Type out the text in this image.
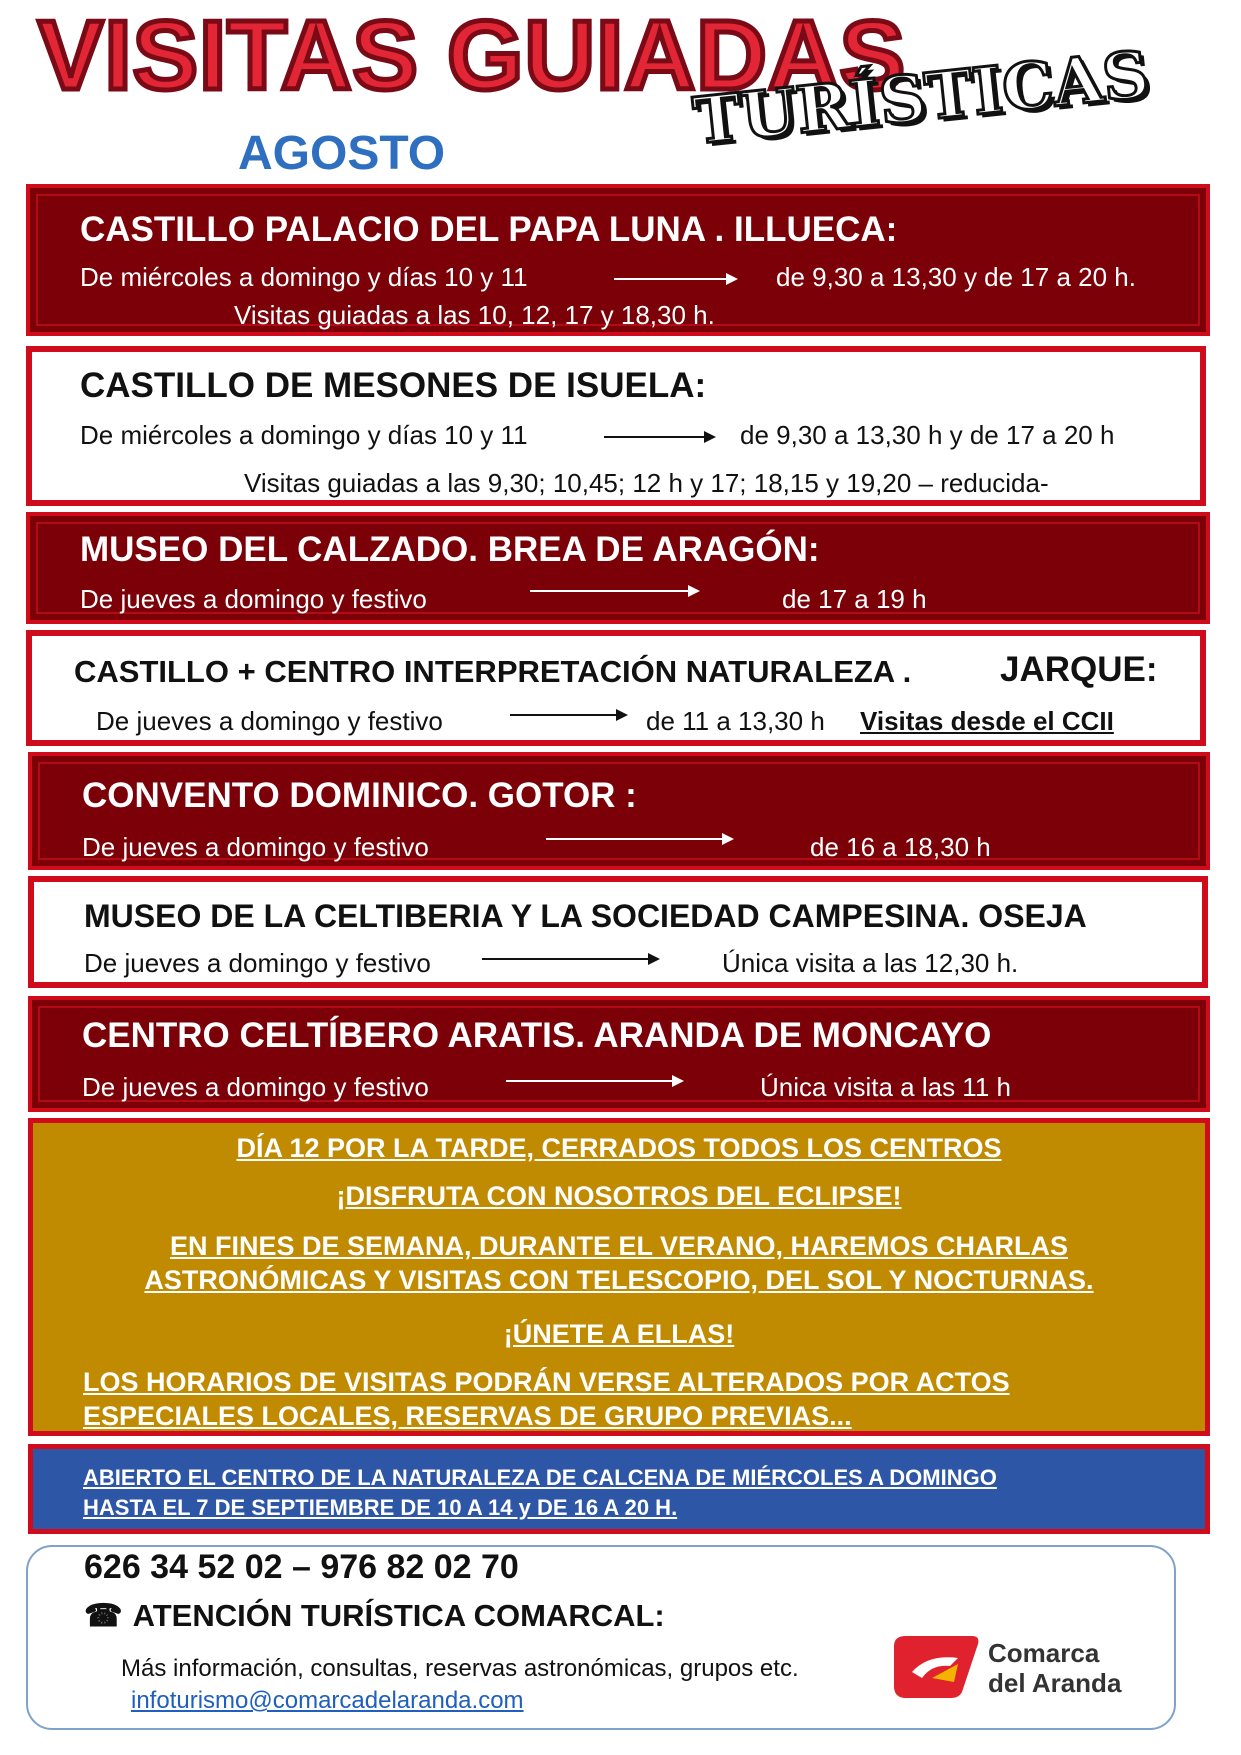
VISITAS GUIADAS
TURÍSTICAS
AGOSTO
CASTILLO PALACIO DEL PAPA LUNA . ILLUECA:
De miércoles a domingo y días 10 y 11	de 9,30 a 13,30 y de 17 a 20 h.
Visitas guiadas a las 10, 12, 17 y 18,30 h.
CASTILLO DE MESONES DE ISUELA:
De miércoles a domingo y días 10 y 11	de 9,30 a 13,30 h y de 17 a 20 h
Visitas guiadas a las 9,30; 10,45; 12 h y 17; 18,15 y 19,20 – reducida-
MUSEO DEL CALZADO. BREA DE ARAGÓN:
De jueves a domingo y festivo	de 17 a 19 h
CASTILLO + CENTRO INTERPRETACIÓN NATURALEZA .	JARQUE:
De jueves a domingo y festivo	de 11 a 13,30 h Visitas desde el CCII
CONVENTO DOMINICO. GOTOR :
De jueves a domingo y festivo	de 16 a 18,30 h
MUSEO DE LA CELTIBERIA Y LA SOCIEDAD CAMPESINA. OSEJA
De jueves a domingo y festivo	Única visita a las 12,30 h.
CENTRO CELTÍBERO ARATIS. ARANDA DE MONCAYO
De jueves a domingo y festivo	Única visita a las 11 h
DÍA 12 POR LA TARDE, CERRADOS TODOS LOS CENTROS
¡DISFRUTA CON NOSOTROS DEL ECLIPSE!
EN FINES DE SEMANA, DURANTE EL VERANO, HAREMOS CHARLAS ASTRONÓMICAS Y VISITAS CON TELESCOPIO, DEL SOL Y NOCTURNAS.
¡ÚNETE A ELLAS!
LOS HORARIOS DE VISITAS PODRÁN VERSE ALTERADOS POR ACTOS ESPECIALES LOCALES, RESERVAS DE GRUPO PREVIAS...
ABIERTO EL CENTRO DE LA NATURALEZA DE CALCENA DE MIÉRCOLES A DOMINGO
HASTA EL 7 DE SEPTIEMBRE DE 10 A 14 y DE 16 A 20 H.
626 34 52 02 – 976 82 02 70
☎ ATENCIÓN TURÍSTICA COMARCAL:
Más información, consultas, reservas astronómicas, grupos etc.
infoturismo@comarcadelaranda.com
Comarca
del Aranda
